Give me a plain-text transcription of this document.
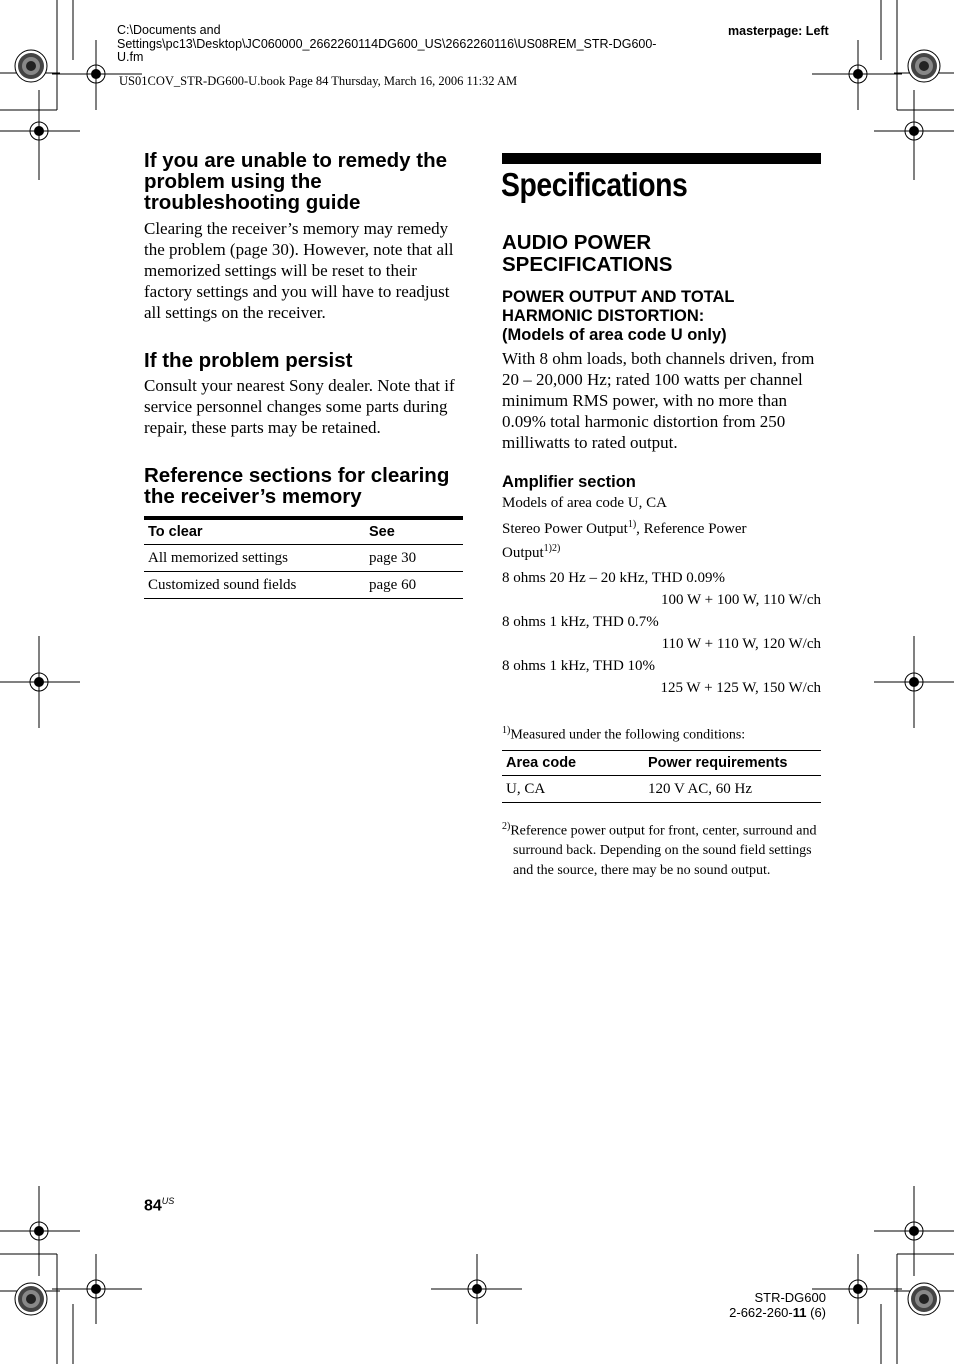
C:\Documents and
Settings\pc13\Desktop\JC060000_2662260114DG600_US\2662260116\US08REM_STR-DG600-
U.fm
masterpage: Left
US01COV_STR-DG600-U.book Page 84 Thursday, March 16, 2006 11:32 AM
If you are unable to remedy the problem using the troubleshooting guide

Clearing the receiver’s memory may remedy the problem (page 30). However, note that all memorized settings will be reset to their factory settings and you will have to readjust all settings on the receiver.

If the problem persist

Consult your nearest Sony dealer. Note that if service personnel changes some parts during repair, these parts may be retained.

Reference sections for clearing the receiver’s memory
To clear	See
All memorized settings	page 30
Customized sound fields	page 60
Specifications
AUDIO POWER SPECIFICATIONS
POWER OUTPUT AND TOTAL
HARMONIC DISTORTION:
(Models of area code U only)

With 8 ohm loads, both channels driven, from 20 – 20,000 Hz; rated 100 watts per channel minimum RMS power, with no more than 0.09% total harmonic distortion from 250 milliwatts to rated output.

Amplifier section
Models of area code U, CA
Stereo Power Output$^{1)}$, Reference Power
Output$^{1)2)}$
8 ohms 20 Hz – 20 kHz, THD 0.09%
100 W + 100 W, 110 W/ch
8 ohms 1 kHz, THD 0.7%
110 W + 110 W, 120 W/ch
8 ohms 1 kHz, THD 10%
125 W + 125 W, 150 W/ch
$^{1)}$Measured under the following conditions:
Area code	Power requirements
U, CA	120 V AC, 60 Hz
$^{2)}$Reference power output for front, center, surround and surround back. Depending on the sound field settings and the source, there may be no sound output.
$84^{US}$
STR-DG600
2-662-260-11 (6)
